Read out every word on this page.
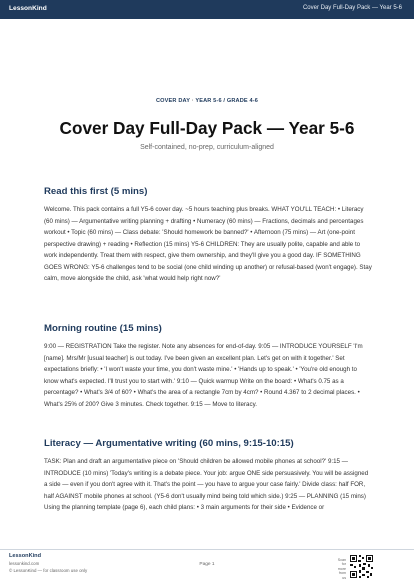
LessonKind	Cover Day Full-Day Pack — Year 5-6
COVER DAY · YEAR 5-6 / GRADE 4-6
Cover Day Full-Day Pack — Year 5-6
Self-contained, no-prep, curriculum-aligned
Read this first (5 mins)

Welcome. This pack contains a full Y5-6 cover day. ~5 hours teaching plus breaks. WHAT YOU'LL TEACH: • Literacy (60 mins) — Argumentative writing planning + drafting • Numeracy (60 mins) — Fractions, decimals and percentages workout • Topic (60 mins) — Class debate: 'Should homework be banned?' • Afternoon (75 mins) — Art (one-point perspective drawing) + reading • Reflection (15 mins) Y5-6 CHILDREN: They are usually polite, capable and able to work independently. Treat them with respect, give them ownership, and they'll give you a good day. IF SOMETHING GOES WRONG: Y5-6 challenges tend to be social (one child winding up another) or refusal-based (won't engage). Stay calm, move alongside the child, ask 'what would help right now?'

Morning routine (15 mins)

9:00 — REGISTRATION Take the register. Note any absences for end-of-day. 9:05 — INTRODUCE YOURSELF 'I'm [name]. Mrs/Mr [usual teacher] is out today. I've been given an excellent plan. Let's get on with it together.' Set expectations briefly: • 'I won't waste your time, you don't waste mine.' • 'Hands up to speak.' • 'You're old enough to know what's expected. I'll trust you to start with.' 9:10 — Quick warmup Write on the board: • What's 0.75 as a percentage? • What's 3/4 of 60? • What's the area of a rectangle 7cm by 4cm? • Round 4.367 to 2 decimal places. • What's 25% of 200? Give 3 minutes. Check together. 9:15 — Move to literacy.

Literacy — Argumentative writing (60 mins, 9:15-10:15)

TASK: Plan and draft an argumentative piece on 'Should children be allowed mobile phones at school?' 9:15 — INTRODUCE (10 mins) 'Today's writing is a debate piece. Your job: argue ONE side persuasively. You will be assigned a side — even if you don't agree with it. That's the point — you have to argue your case fairly.' Divide class: half FOR, half AGAINST mobile phones at school. (Y5-6 don't usually mind being told which side.) 9:25 — PLANNING (15 mins) Using the planning template (page 6), each child plans: • 3 main arguments for their side • Evidence or

LessonKind
lessonkind.com
© LessonKind — for classroom use only
Page 1
Scan for more from us
